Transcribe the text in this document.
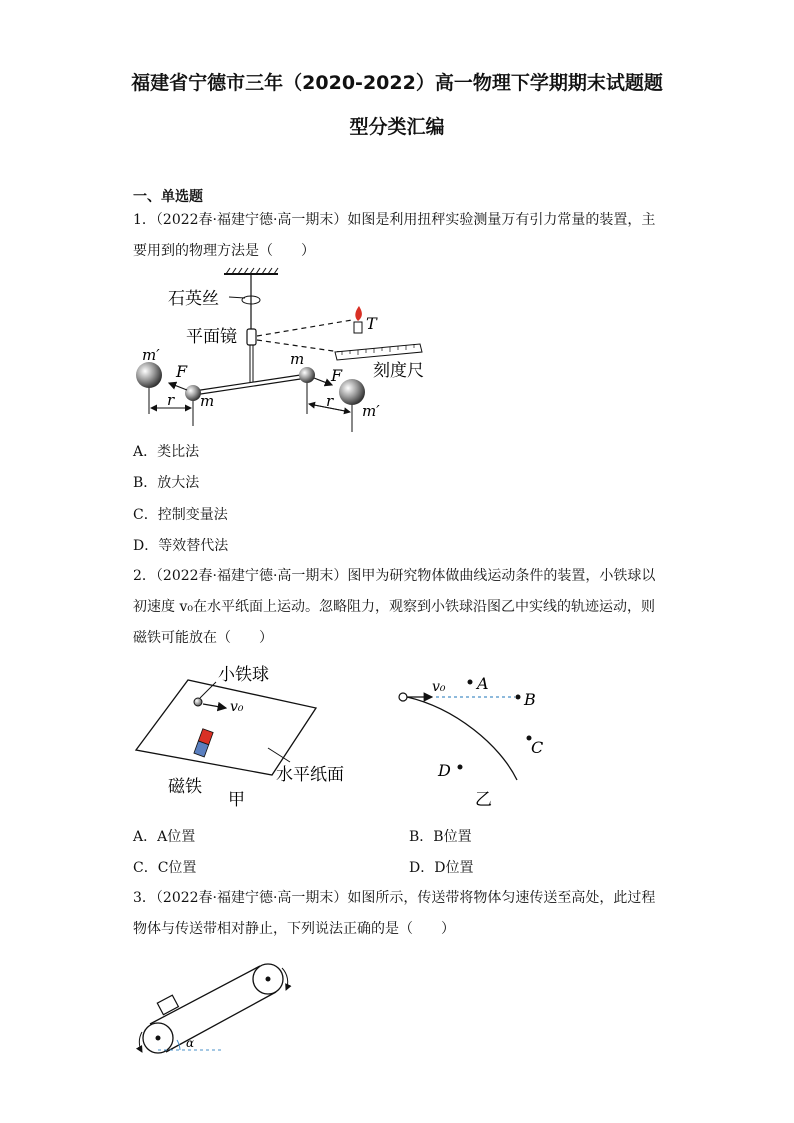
福建省宁德市三年（2020-2022）高一物理下学期期末试题题
型分类汇编
一、单选题
1．（2022春·福建宁德·高一期末）如图是利用扭秤实验测量万有引力常量的装置，主要用到的物理方法是（　　）
石英丝
平面镜
T
刻度尺
m′
m′
m
m
F	F
r	r
A．类比法
B．放大法
C．控制变量法
D．等效替代法
2．（2022春·福建宁德·高一期末）图甲为研究物体做曲线运动条件的装置，小铁球以初速度 v₀在水平纸面上运动。忽略阻力，观察到小铁球沿图乙中实线的轨迹运动，则磁铁可能放在（　　）
v₀
小铁球
磁铁
水平纸面
甲
v₀ A
B
C
D
乙
A．A位置	B．B位置
C．C位置	D．D位置
3．（2022春·福建宁德·高一期末）如图所示，传送带将物体匀速传送至高处，此过程物体与传送带相对静止，下列说法正确的是（　　）
α
